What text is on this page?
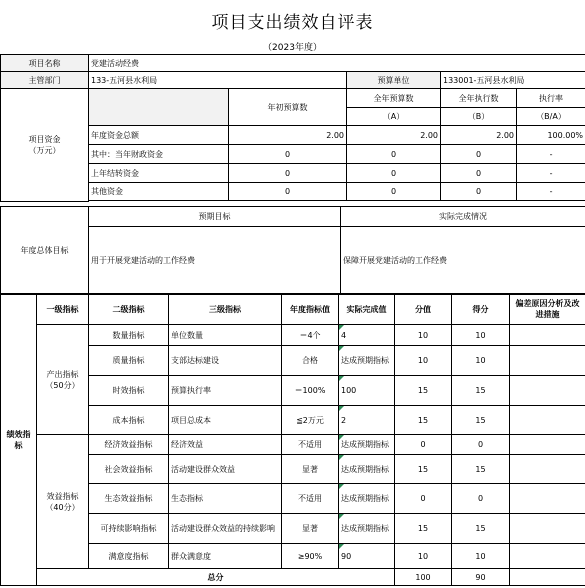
项目支出绩效自评表
（2023年度）
项目名称	党建活动经费				
主管部门	133-五河县水利局		预算单位	133001-五河县水利局	
项目资金
（万元）		年初预算数	全年预算数	全年执行数	执行率
			（A）	（B）	（B/A）
	年度资金总额	2.00	2.00	2.00	100.00%
	其中：当年财政资金	0	0	0	-
	上年结转资金	0	0	0	-
	其他资金	0	0	0	-

年度总体目标	预期目标	实际完成情况
	用于开展党建活动的工作经费	保障开展党建活动的工作经费
绩效指标	一级指标	二级指标	三级指标	年度指标值	实际完成值	分值	得分	偏差原因分析及改进措施
	产出指标（50分）	数量指标	单位数量	＝4个	4	10	10	
		质量指标	支部达标建设	合格	达成预期指标	10	10	
		时效指标	预算执行率	＝100%	100	15	15	
		成本指标	项目总成本	≦2万元	2	15	15	
	效益指标（40分）	经济效益指标	经济效益	不适用	达成预期指标	0	0	
		社会效益指标	活动建设群众效益	显著	达成预期指标	15	15	
		生态效益指标	生态指标	不适用	达成预期指标	0	0	
		可持续影响指标	活动建设群众效益的持续影响	显著	达成预期指标	15	15	
		满意度指标	群众满意度	≥90%	90	10	10	
	总分					100	90	
